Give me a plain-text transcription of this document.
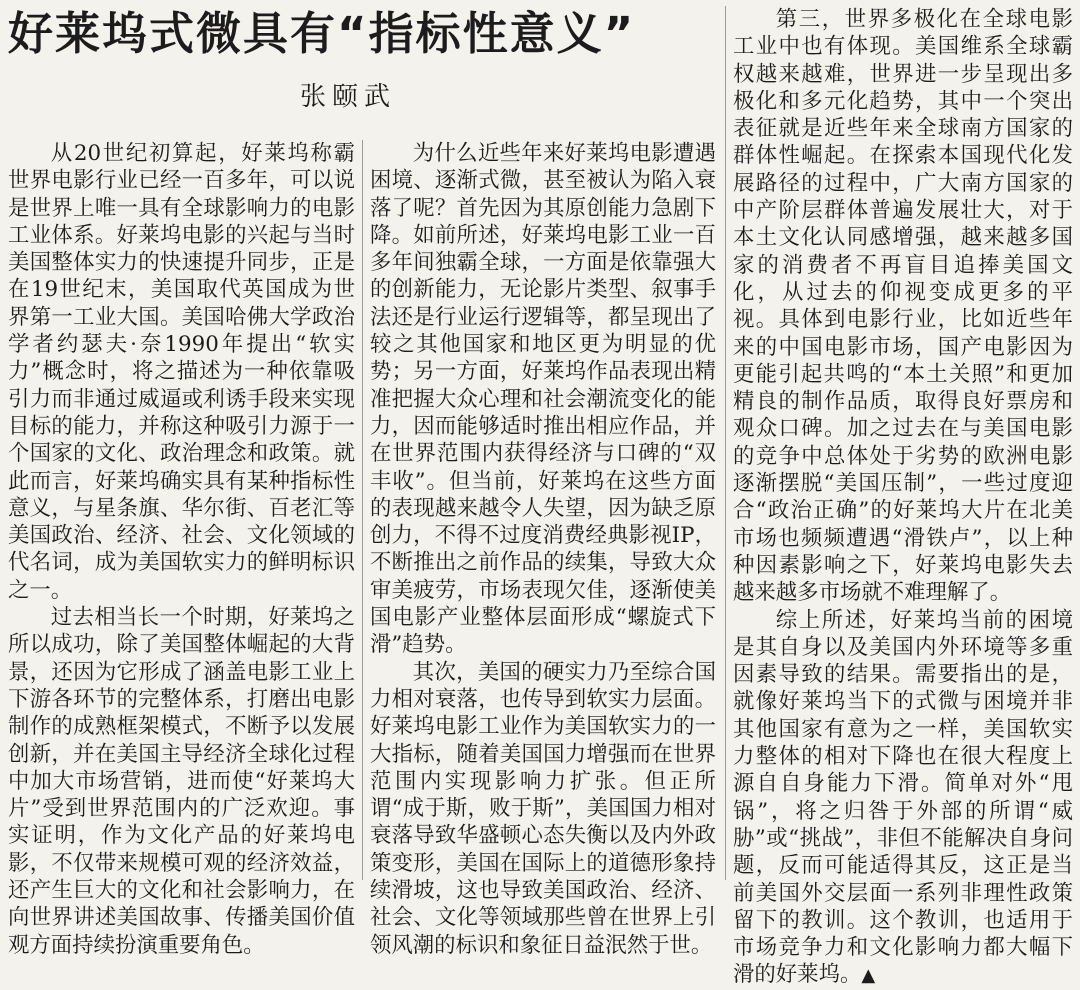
好莱坞式微具有“指标性意义”
张颐武

从20世纪初算起，好莱坞称霸世界电影行业已经一百多年，可以说是世界上唯一具有全球影响力的电影工业体系。好莱坞电影的兴起与当时美国整体实力的快速提升同步，正是在19世纪末，美国取代英国成为世界第一工业大国。美国哈佛大学政治学者约瑟夫·奈1990年提出“软实力”概念时，将之描述为一种依靠吸引力而非通过威逼或利诱手段来实现目标的能力，并称这种吸引力源于一个国家的文化、政治理念和政策。就此而言，好莱坞确实具有某种指标性意义，与星条旗、华尔街、百老汇等美国政治、经济、社会、文化领域的代名词，成为美国软实力的鲜明标识之一。

过去相当长一个时期，好莱坞之所以成功，除了美国整体崛起的大背景，还因为它形成了涵盖电影工业上下游各环节的完整体系，打磨出电影制作的成熟框架模式，不断予以发展创新，并在美国主导经济全球化过程中加大市场营销，进而使“好莱坞大片”受到世界范围内的广泛欢迎。事实证明，作为文化产品的好莱坞电影，不仅带来规模可观的经济效益，还产生巨大的文化和社会影响力，在向世界讲述美国故事、传播美国价值观方面持续扮演重要角色。

为什么近些年来好莱坞电影遭遇困境、逐渐式微，甚至被认为陷入衰落了呢？首先因为其原创能力急剧下降。如前所述，好莱坞电影工业一百多年间独霸全球，一方面是依靠强大的创新能力，无论影片类型、叙事手法还是行业运行逻辑等，都呈现出了较之其他国家和地区更为明显的优势；另一方面，好莱坞作品表现出精准把握大众心理和社会潮流变化的能力，因而能够适时推出相应作品，并在世界范围内获得经济与口碑的“双丰收”。但当前，好莱坞在这些方面的表现越来越令人失望，因为缺乏原创力，不得不过度消费经典影视IP，不断推出之前作品的续集，导致大众审美疲劳，市场表现欠佳，逐渐使美国电影产业整体层面形成“螺旋式下滑”趋势。

其次，美国的硬实力乃至综合国力相对衰落，也传导到软实力层面。好莱坞电影工业作为美国软实力的一大指标，随着美国国力增强而在世界范围内实现影响力扩张。但正所谓“成于斯，败于斯”，美国国力相对衰落导致华盛顿心态失衡以及内外政策变形，美国在国际上的道德形象持续滑坡，这也导致美国政治、经济、社会、文化等领域那些曾在世界上引领风潮的标识和象征日益泯然于世。

第三，世界多极化在全球电影工业中也有体现。美国维系全球霸权越来越难，世界进一步呈现出多极化和多元化趋势，其中一个突出表征就是近些年来全球南方国家的群体性崛起。在探索本国现代化发展路径的过程中，广大南方国家的中产阶层群体普遍发展壮大，对于本土文化认同感增强，越来越多国家的消费者不再盲目追捧美国文化，从过去的仰视变成更多的平视。具体到电影行业，比如近些年来的中国电影市场，国产电影因为更能引起共鸣的“本土关照”和更加精良的制作品质，取得良好票房和观众口碑。加之过去在与美国电影的竞争中总体处于劣势的欧洲电影逐渐摆脱“美国压制”，一些过度迎合“政治正确”的好莱坞大片在北美市场也频频遭遇“滑铁卢”，以上种种因素影响之下，好莱坞电影失去越来越多市场就不难理解了。

综上所述，好莱坞当前的困境是其自身以及美国内外环境等多重因素导致的结果。需要指出的是，就像好莱坞当下的式微与困境并非其他国家有意为之一样，美国软实力整体的相对下降也在很大程度上源自自身能力下滑。简单对外“甩锅”，将之归咎于外部的所谓“威胁”或“挑战”，非但不能解决自身问题，反而可能适得其反，这正是当前美国外交层面一系列非理性政策留下的教训。这个教训，也适用于市场竞争力和文化影响力都大幅下滑的好莱坞。▲
